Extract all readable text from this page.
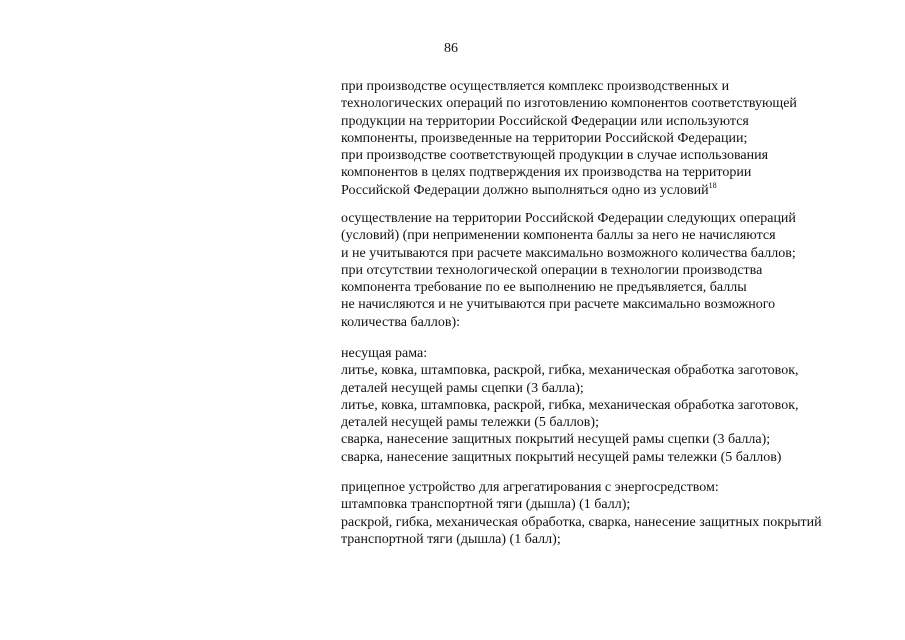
86
при производстве осуществляется комплекс производственных и
технологических операций по изготовлению компонентов соответствующей
продукции на территории Российской Федерации или используются
компоненты, произведенные на территории Российской Федерации;
при производстве соответствующей продукции в случае использования
компонентов в целях подтверждения их производства на территории
Российской Федерации должно выполняться одно из условий$^{18}$
осуществление на территории Российской Федерации следующих операций
(условий) (при неприменении компонента баллы за него не начисляются
и не учитываются при расчете максимально возможного количества баллов;
при отсутствии технологической операции в технологии производства
компонента требование по ее выполнению не предъявляется, баллы
не начисляются и не учитываются при расчете максимально возможного
количества баллов):
несущая рама:
литье, ковка, штамповка, раскрой, гибка, механическая обработка заготовок,
деталей несущей рамы сцепки (3 балла);
литье, ковка, штамповка, раскрой, гибка, механическая обработка заготовок,
деталей несущей рамы тележки (5 баллов);
сварка, нанесение защитных покрытий несущей рамы сцепки (3 балла);
сварка, нанесение защитных покрытий несущей рамы тележки (5 баллов)
прицепное устройство для агрегатирования с энергосредством:
штамповка транспортной тяги (дышла) (1 балл);
раскрой, гибка, механическая обработка, сварка, нанесение защитных покрытий
транспортной тяги (дышла) (1 балл);
